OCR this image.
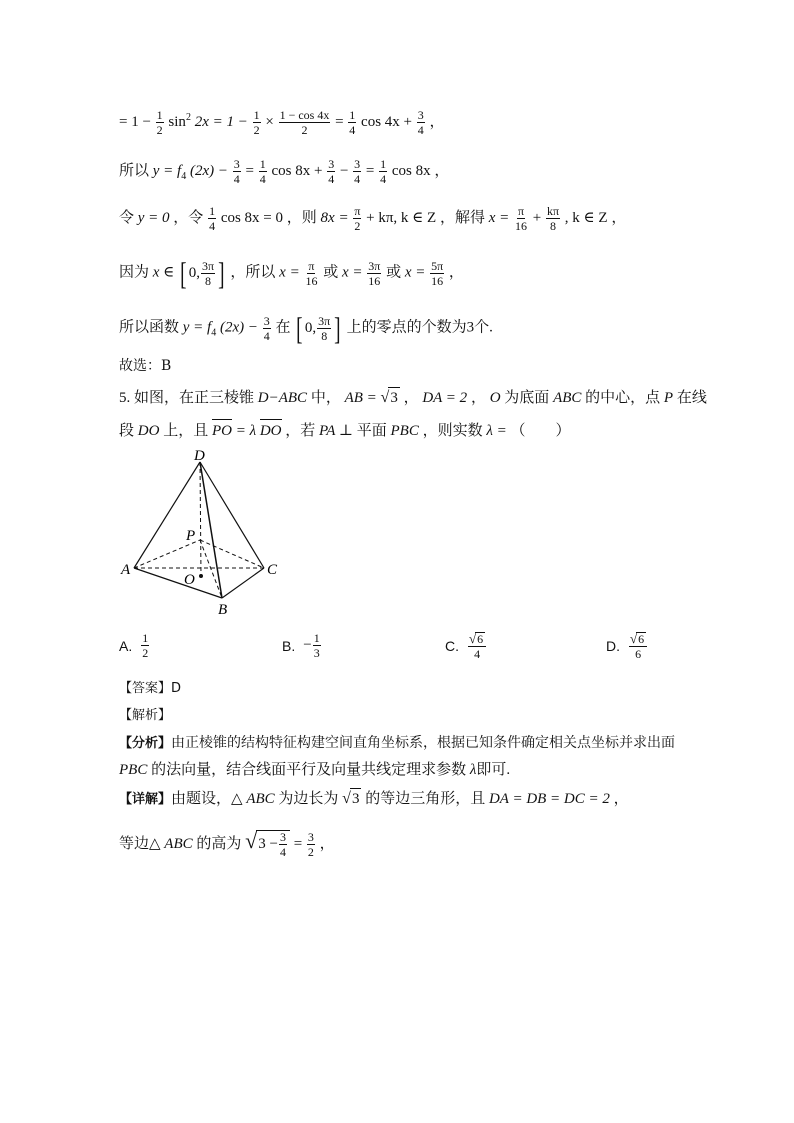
= $1 - \frac{1}{2} \sin^2 2x = 1 - \frac{1}{2} \times \frac{1 - \cos 4x}{2} = \frac{1}{4}$ $\cos 4x + \frac{3}{4}$ ，
所以 $y = f_4$ $(2x) - \frac{3}{4} = \frac{1}{4}$ $\cos 8x + \frac{3}{4} - \frac{3}{4} = \frac{1}{4}$ cos 8x ，
令 y = 0 ，令 $\frac{1}{4}$ cos 8x = 0 ，则 $8x = \frac{\pi}{2} + k\pi$, k ∈ Z ，解得 $x = \frac{\pi}{16} + \frac{k\pi}{8}$ , k ∈ Z ，
因为 x ∈ [ 0, $\frac{3\pi}{8}$ ] ，所以 $x = \frac{\pi}{16}$ 或 $x = \frac{3\pi}{16}$ 或 $x = \frac{5\pi}{16}$ ，
所以函数 $y = f_4$ $(2x) - \frac{3}{4}$ 在 [ 0, $\frac{3\pi}{8}$ ] 上的零点的个数为3个.
故选：B
5. 如图，在正三棱锥 D−ABC 中， AB = √3 ， DA = 2 ， O 为底面 ABC 的中心，点 P 在线
段 DO 上，且 PO = λ DO ，若 PA ⊥ 平面 PBC ，则实数 λ = （　　）
D
P
A
O
C
B
A. $\frac{1}{2}$	B. − $\frac{1}{3}$	C. $\frac{√6}{4}$	D. $\frac{√6}{6}$
【答案】D
【解析】
【分析】由正棱锥的结构特征构建空间直角坐标系，根据已知条件确定相关点坐标并求出面
PBC 的法向量，结合线面平行及向量共线定理求参数 λ即可.
【详解】由题设，△ ABC 为边长为 √3 的等边三角形，且 DA = DB = DC = 2 ，
等边△ ABC 的高为 $√3 - \frac{3}{4} = \frac{3}{2}$ ，
